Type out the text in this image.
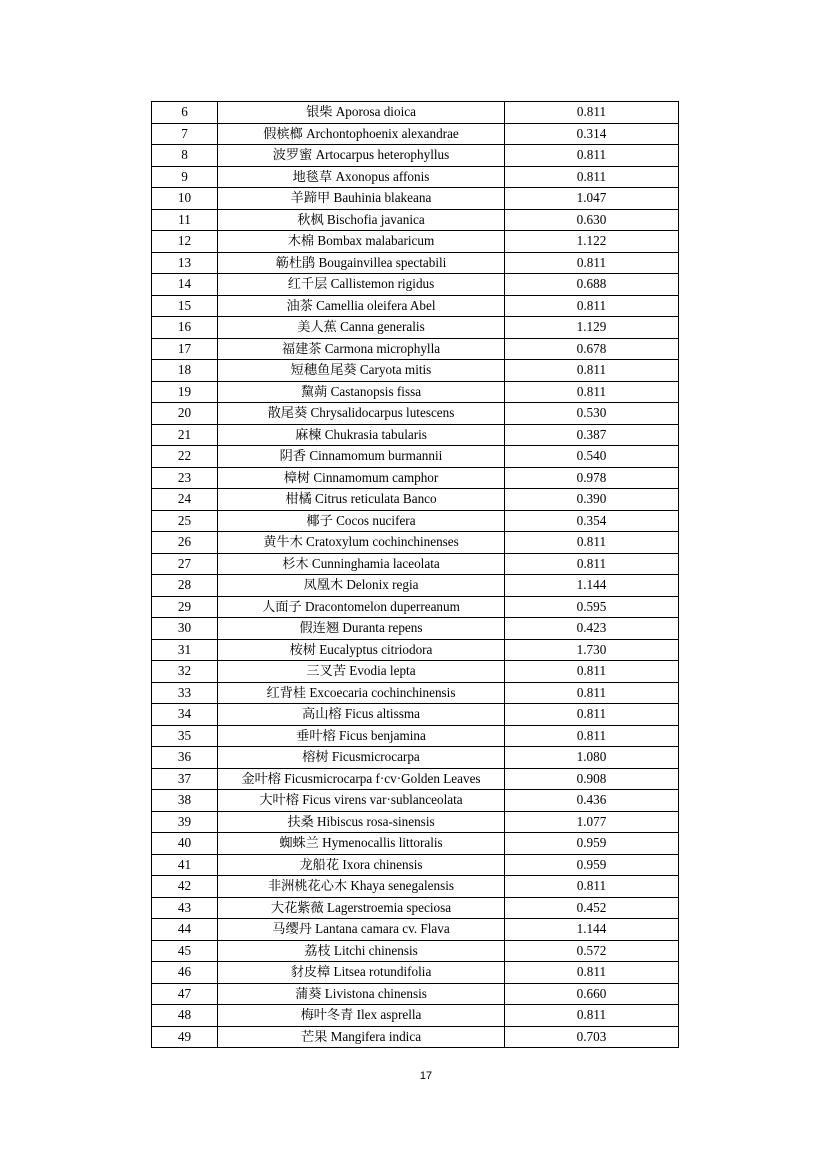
6	银柴 Aporosa dioica	0.811
7	假槟榔 Archontophoenix alexandrae	0.314
8	波罗蜜 Artocarpus heterophyllus	0.811
9	地毯草 Axonopus affonis	0.811
10	羊蹄甲 Bauhinia blakeana	1.047
11	秋枫 Bischofia javanica	0.630
12	木棉 Bombax malabaricum	1.122
13	簕杜鹃 Bougainvillea spectabili	0.811
14	红千层 Callistemon rigidus	0.688
15	油茶 Camellia oleifera Abel	0.811
16	美人蕉 Canna generalis	1.129
17	福建茶 Carmona microphylla	0.678
18	短穗鱼尾葵 Caryota mitis	0.811
19	黧蒴 Castanopsis fissa	0.811
20	散尾葵 Chrysalidocarpus lutescens	0.530
21	麻楝 Chukrasia tabularis	0.387
22	阴香 Cinnamomum burmannii	0.540
23	樟树 Cinnamomum camphor	0.978
24	柑橘 Citrus reticulata Banco	0.390
25	椰子 Cocos nucifera	0.354
26	黄牛木 Cratoxylum cochinchinenses	0.811
27	杉木 Cunninghamia laceolata	0.811
28	凤凰木 Delonix regia	1.144
29	人面子 Dracontomelon duperreanum	0.595
30	假连翘 Duranta repens	0.423
31	桉树 Eucalyptus citriodora	1.730
32	三叉苦 Evodia lepta	0.811
33	红背桂 Excoecaria cochinchinensis	0.811
34	高山榕 Ficus altissma	0.811
35	垂叶榕 Ficus benjamina	0.811
36	榕树 Ficusmicrocarpa	1.080
37	金叶榕 Ficusmicrocarpa f·cv·Golden Leaves	0.908
38	大叶榕 Ficus virens var·sublanceolata	0.436
39	扶桑 Hibiscus rosa-sinensis	1.077
40	蜘蛛兰 Hymenocallis littoralis	0.959
41	龙船花 Ixora chinensis	0.959
42	非洲桃花心木 Khaya senegalensis	0.811
43	大花紫薇 Lagerstroemia speciosa	0.452
44	马缨丹 Lantana camara cv. Flava	1.144
45	荔枝 Litchi chinensis	0.572
46	豺皮樟 Litsea rotundifolia	0.811
47	蒲葵 Livistona chinensis	0.660
48	梅叶冬青 Ilex asprella	0.811
49	芒果 Mangifera indica	0.703
17
